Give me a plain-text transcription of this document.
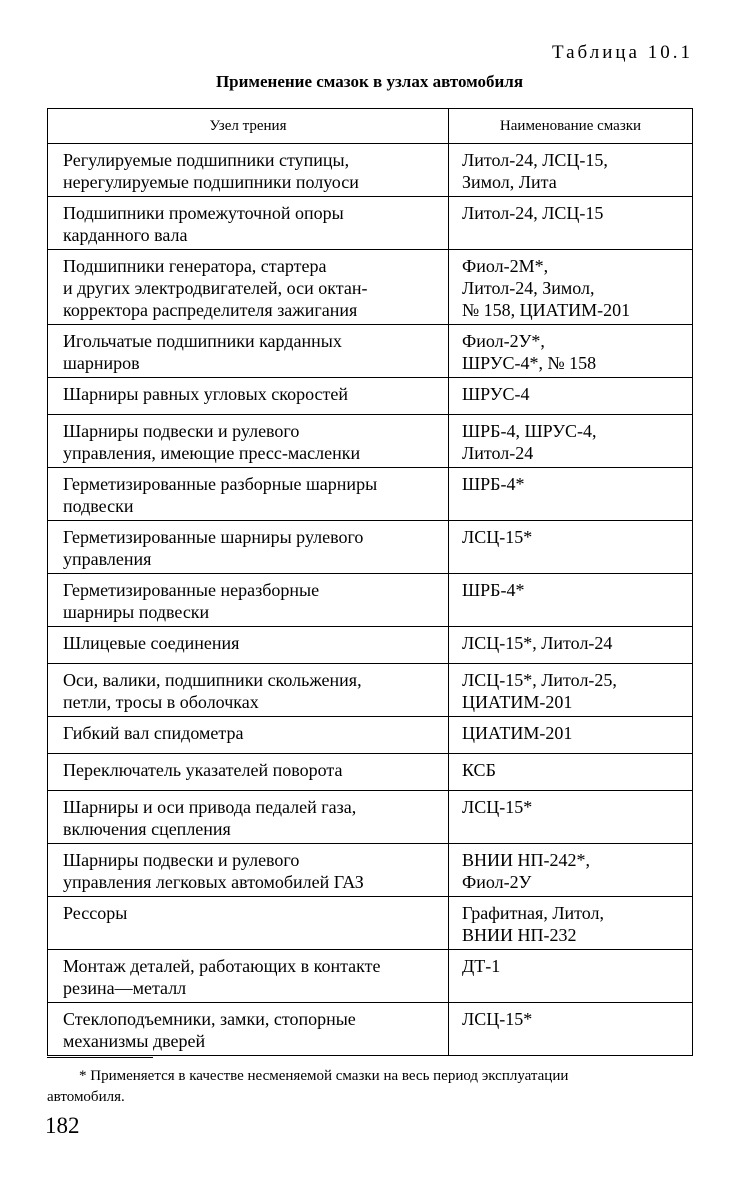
Таблица 10.1
Применение смазок в узлах автомобиля
Узел трения	Наименование смазки

Регулируемые подшипники ступицы,
нерегулируемые подшипники полуоси	Литол-24, ЛСЦ-15,
Зимол, Лита

Подшипники промежуточной опоры
карданного вала	Литол-24, ЛСЦ-15

Подшипники генератора, стартера
и других электродвигателей, оси октан-
корректора распределителя зажигания	Фиол-2М*,
Литол-24, Зимол,
№ 158, ЦИАТИМ-201

Игольчатые подшипники карданных
шарниров	Фиол-2У*,
ШРУС-4*, № 158

Шарниры равных угловых скоростей	ШРУС-4

Шарниры подвески и рулевого
управления, имеющие пресс-масленки	ШРБ-4, ШРУС-4,
Литол-24

Герметизированные разборные шарниры
подвески	ШРБ-4*

Герметизированные шарниры рулевого
управления	ЛСЦ-15*

Герметизированные неразборные
шарниры подвески	ШРБ-4*

Шлицевые соединения	ЛСЦ-15*, Литол-24

Оси, валики, подшипники скольжения,
петли, тросы в оболочках	ЛСЦ-15*, Литол-25,
ЦИАТИМ-201

Гибкий вал спидометра	ЦИАТИМ-201

Переключатель указателей поворота	КСБ

Шарниры и оси привода педалей газа,
включения сцепления	ЛСЦ-15*

Шарниры подвески и рулевого
управления легковых автомобилей ГАЗ	ВНИИ НП-242*,
Фиол-2У

Рессоры	Графитная, Литол,
ВНИИ НП-232

Монтаж деталей, работающих в контакте
резина—металл	ДТ-1

Стеклоподъемники, замки, стопорные
механизмы дверей	ЛСЦ-15*
* Применяется в качестве несменяемой смазки на весь период эксплуатации
автомобиля.
182
